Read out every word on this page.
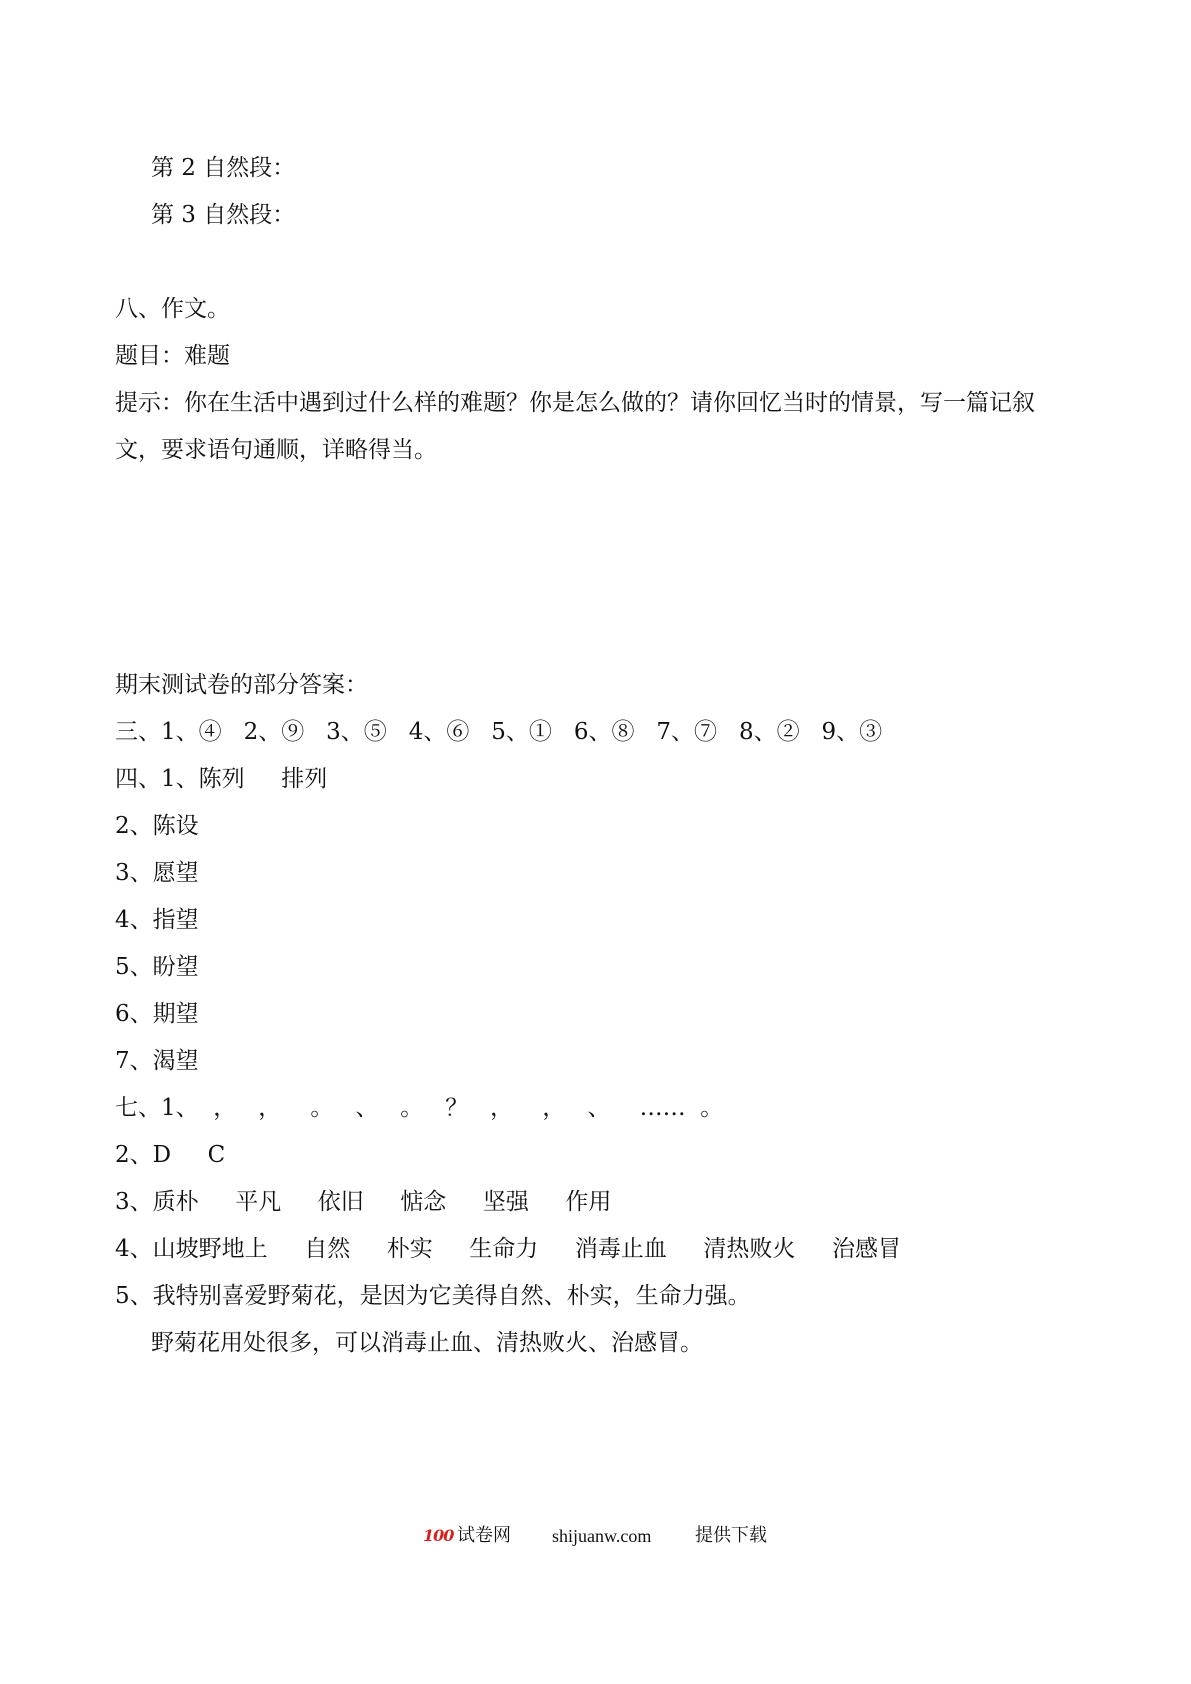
第 2 自然段：

第 3 自然段：

八、作文。

题目：难题

提示：你在生活中遇到过什么样的难题？你是怎么做的？请你回忆当时的情景，写一篇记叙

文，要求语句通顺，详略得当。

期末测试卷的部分答案：

三、1、④   2、⑨   3、⑤   4、⑥   5、①   6、⑧   7、⑦   8、②   9、③

四、1、陈列     排列

2、陈设

3、愿望

4、指望

5、盼望

6、期望

7、渴望

七、1、  ，   ，    。   、   。   ？   ，    ，   、    ……  。

2、D     C

3、质朴     平凡     依旧     惦念     坚强     作用

4、山坡野地上     自然     朴实     生命力     消毒止血     清热败火     治感冒

5、我特别喜爱野菊花，是因为它美得自然、朴实，生命力强。

野菊花用处很多，可以消毒止血、清热败火、治感冒。

100 试卷网 shijuanw.com 提供下载
